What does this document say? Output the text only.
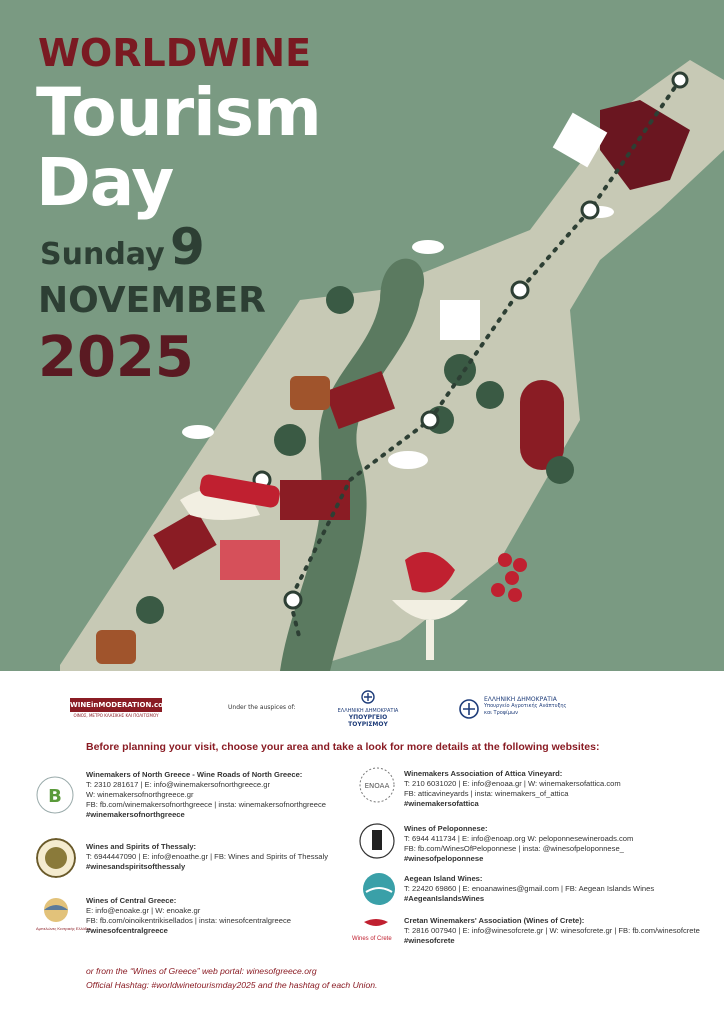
WORLDWINE
Tourism
Day
Sunday 9
NOVEMBER
2025
WINEinMODERATION.com
ΟΙΝΟΣ, ΜΕΤΡΟ ΚΛΑΣΙΚΗΣ ΚΑΙ ΠΟΛΙΤΙΣΜΟΥ
Under the auspices of:	ΕΛΛΗΝΙΚΗ ΔΗΜΟΚΡΑΤΙΑ
ΥΠΟΥΡΓΕΙΟ ΤΟΥΡΙΣΜΟΥ
ΕΛΛΗΝΙΚΗ ΔΗΜΟΚΡΑΤΙΑ
Υπουργείο Αγροτικής Ανάπτυξης
και Τροφίμων
Before planning your visit, choose your area and take a look for more details at the following websites:
B
Αμπελώνες Κεντρικής Ελλάδας
ENOAA
Wines of Crete
Winemakers of North Greece - Wine Roads of North Greece:
T: 2310 281617 | E: info@winemakersofnorthgreece.gr
W: winemakersofnorthgreece.gr
FB: fb.com/winemakersofnorthgreece | insta: winemakersofnorthgreece
#winemakersofnorthgreece
Wines and Spirits of Thessaly:
T: 6944447090 | E: info@enoathe.gr | FB: Wines and Spirits of Thessaly
#winesandspiritsofthessaly
Wines of Central Greece:
E: info@enoake.gr | W: enoake.gr
FB: fb.com/oinoikentrikisellados | insta: winesofcentralgreece
#winesofcentralgreece
Winemakers Association of Attica Vineyard:
T: 210 6031020 | E: info@enoaa.gr | W: winemakersofattica.com
FB: atticavineyards | insta: winemakers_of_attica
#winemakersofattica
Wines of Peloponnese:
T: 6944 411734 | E: info@enoap.org W: peloponnesewineroads.com
FB: fb.com/WinesOfPeloponnese | insta: @winesofpeloponnese_
#winesofpeloponnese
Aegean Island Wines:
T: 22420 69860 | E: enoanawines@gmail.com | FB: Aegean Islands Wines
#AegeanIslandsWines
Cretan Winemakers' Association (Wines of Crete):
T: 2816 007940 | E: info@winesofcrete.gr | W: winesofcrete.gr | FB: fb.com/winesofcrete
#winesofcrete
or from the “Wines of Greece” web portal: winesofgreece.org
Official Hashtag: #worldwinetourismday2025 and the hashtag of each Union.
